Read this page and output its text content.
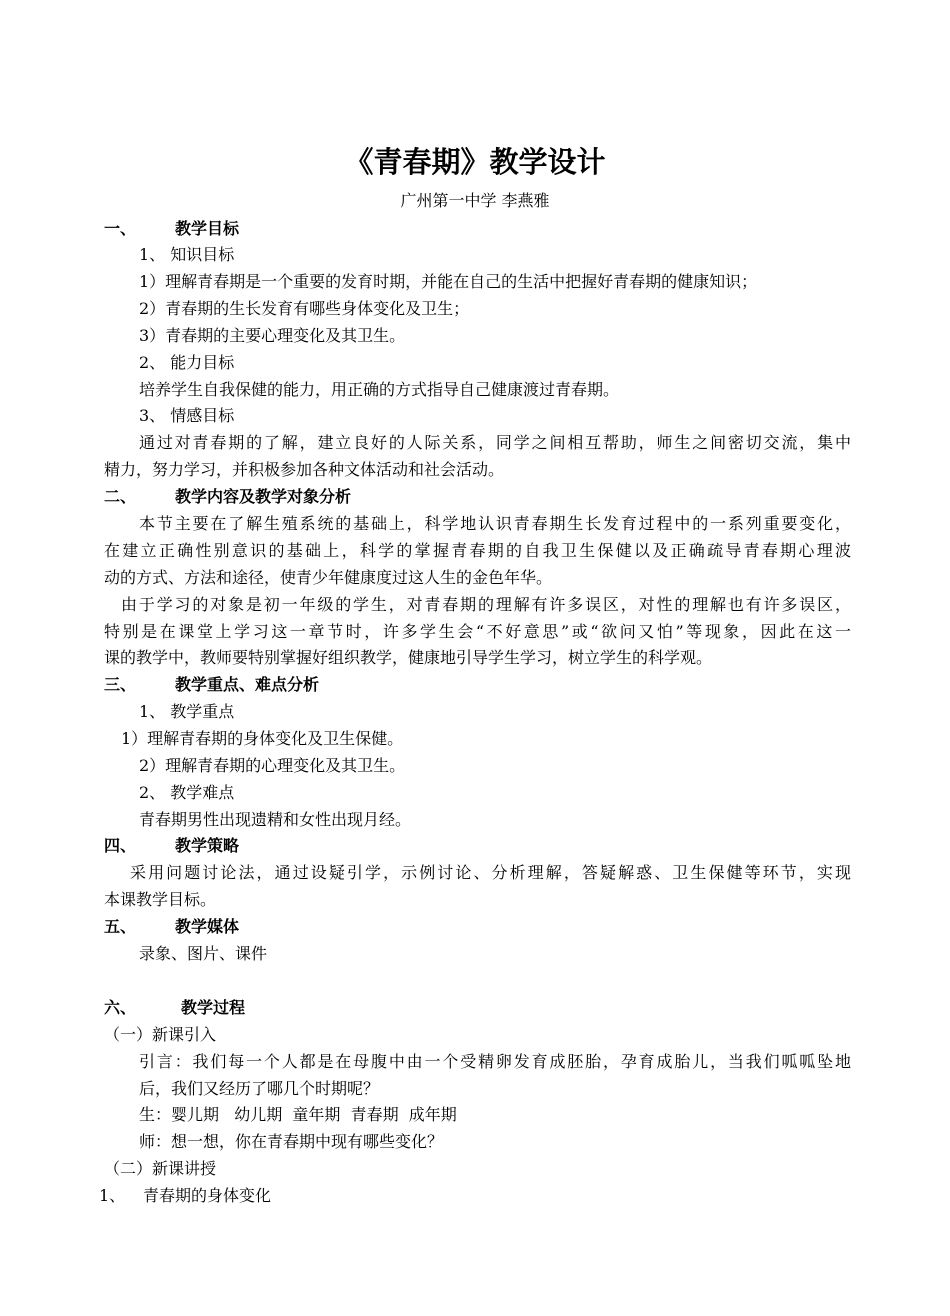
《青春期》教学设计
广州第一中学 李燕雅
一、 教学目标
1、 知识目标
1）理解青春期是一个重要的发育时期，并能在自己的生活中把握好青春期的健康知识；
2）青春期的生长发育有哪些身体变化及卫生；
3）青春期的主要心理变化及其卫生。
2、 能力目标
培养学生自我保健的能力，用正确的方式指导自己健康渡过青春期。
3、 情感目标
通过对青春期的了解，建立良好的人际关系，同学之间相互帮助，师生之间密切交流，集中
精力，努力学习，并积极参加各种文体活动和社会活动。
二、 教学内容及教学对象分析
本节主要在了解生殖系统的基础上，科学地认识青春期生长发育过程中的一系列重要变化，
在建立正确性别意识的基础上，科学的掌握青春期的自我卫生保健以及正确疏导青春期心理波
动的方式、方法和途径，使青少年健康度过这人生的金色年华。
由于学习的对象是初一年级的学生，对青春期的理解有许多误区，对性的理解也有许多误区，
特别是在课堂上学习这一章节时，许多学生会“不好意思”或“欲问又怕”等现象，因此在这一
课的教学中，教师要特别掌握好组织教学，健康地引导学生学习，树立学生的科学观。
三、 教学重点、难点分析
1、 教学重点
1）理解青春期的身体变化及卫生保健。
2）理解青春期的心理变化及其卫生。
2、 教学难点
青春期男性出现遗精和女性出现月经。
四、 教学策略
采用问题讨论法，通过设疑引学，示例讨论、分析理解，答疑解惑、卫生保健等环节，实现
本课教学目标。
五、 教学媒体
录象、图片、课件
六、	教学过程
（一）新课引入
引言：我们每一个人都是在母腹中由一个受精卵发育成胚胎，孕育成胎儿，当我们呱呱坠地
后，我们又经历了哪几个时期呢？
生：婴儿期   幼儿期  童年期  青春期  成年期
师：想一想，你在青春期中现有哪些变化？
（二）新课讲授
1、 青春期的身体变化
